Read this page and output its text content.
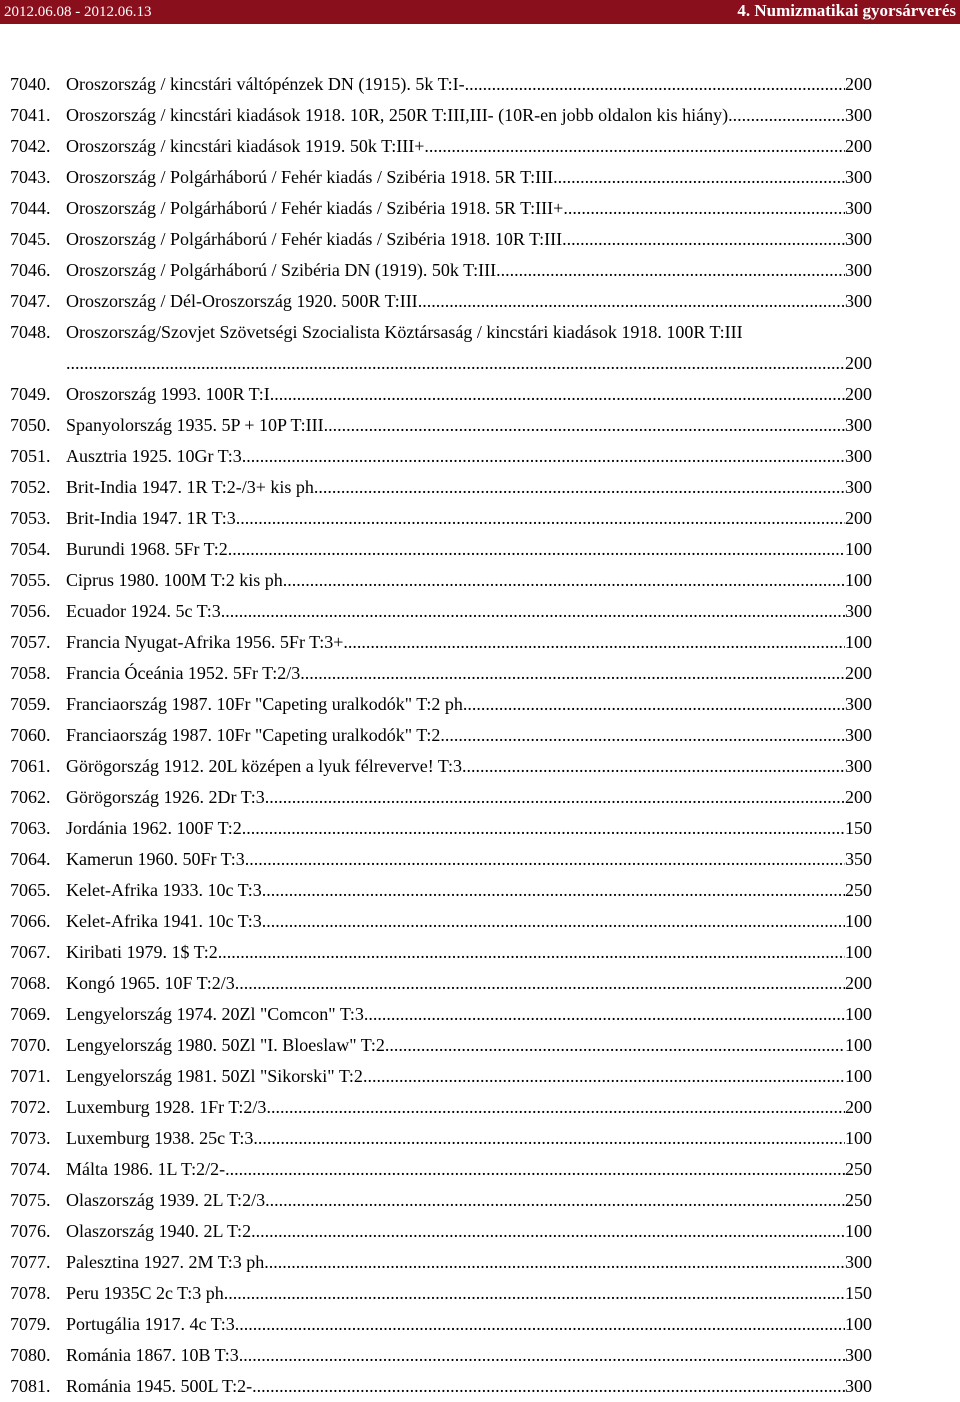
2012.06.08 - 2012.06.13	4. Numizmatikai gyorsárverés
7040. Oroszország / kincstári váltópénzek DN (1915). 5k T:I- .....	200
7041. Oroszország / kincstári kiadások 1918. 10R, 250R T:III,III- (10R-en jobb oldalon kis hiány) .....	300
7042. Oroszország / kincstári kiadások 1919. 50k T:III+ .....	200
7043. Oroszország / Polgárháború / Fehér kiadás / Szibéria 1918. 5R T:III .....	300
7044. Oroszország / Polgárháború / Fehér kiadás / Szibéria 1918. 5R T:III+ .....	300
7045. Oroszország / Polgárháború / Fehér kiadás / Szibéria 1918. 10R T:III .....	300
7046. Oroszország / Polgárháború / Szibéria DN (1919). 50k T:III .....	300
7047. Oroszország / Dél-Oroszország 1920. 500R T:III .....	300
7048. Oroszország/Szovjet Szövetségi Szocialista Köztársaság / kincstári kiadások 1918. 100R T:III
.....
200
7049. Oroszország 1993. 100R T:I .....	200
7050. Spanyolország 1935. 5P + 10P T:III .....	300
7051. Ausztria 1925. 10Gr T:3 .....	300
7052. Brit-India 1947. 1R T:2-/3+ kis ph. .....	300
7053. Brit-India 1947. 1R T:3 .....	200
7054. Burundi 1968. 5Fr T:2 .....	100
7055. Ciprus 1980. 100M T:2 kis ph. .....	100
7056. Ecuador 1924. 5c T:3 .....	300
7057. Francia Nyugat-Afrika 1956. 5Fr T:3+ .....	100
7058. Francia Óceánia 1952. 5Fr T:2/3 .....	200
7059. Franciaország 1987. 10Fr "Capeting uralkodók" T:2 ph. .....	300
7060. Franciaország 1987. 10Fr "Capeting uralkodók" T:2 .....	300
7061. Görögország 1912. 20L középen a lyuk félreverve! T:3 .....	300
7062. Görögország 1926. 2Dr T:3 .....	200
7063. Jordánia 1962. 100F T:2 .....	150
7064. Kamerun 1960. 50Fr T:3 .....	350
7065. Kelet-Afrika 1933. 10c T:3 .....	250
7066. Kelet-Afrika 1941. 10c T:3 .....	100
7067. Kiribati 1979. 1$ T:2 .....	100
7068. Kongó 1965. 10F T:2/3 .....	200
7069. Lengyelország 1974. 20Zl "Comcon" T:3 .....	100
7070. Lengyelország 1980. 50Zl "I. Bloeslaw" T:2 .....	100
7071. Lengyelország 1981. 50Zl "Sikorski" T:2 .....	100
7072. Luxemburg 1928. 1Fr T:2/3 .....	200
7073. Luxemburg 1938. 25c T:3 .....	100
7074. Málta 1986. 1L T:2/2- .....	250
7075. Olaszország 1939. 2L T:2/3 .....	250
7076. Olaszország 1940. 2L T:2 .....	100
7077. Palesztina 1927. 2M T:3 ph. .....	300
7078. Peru 1935C 2c T:3 ph. .....	150
7079. Portugália 1917. 4c T:3 .....	100
7080. Románia 1867. 10B T:3 .....	300
7081. Románia 1945. 500L T:2- .....	300
